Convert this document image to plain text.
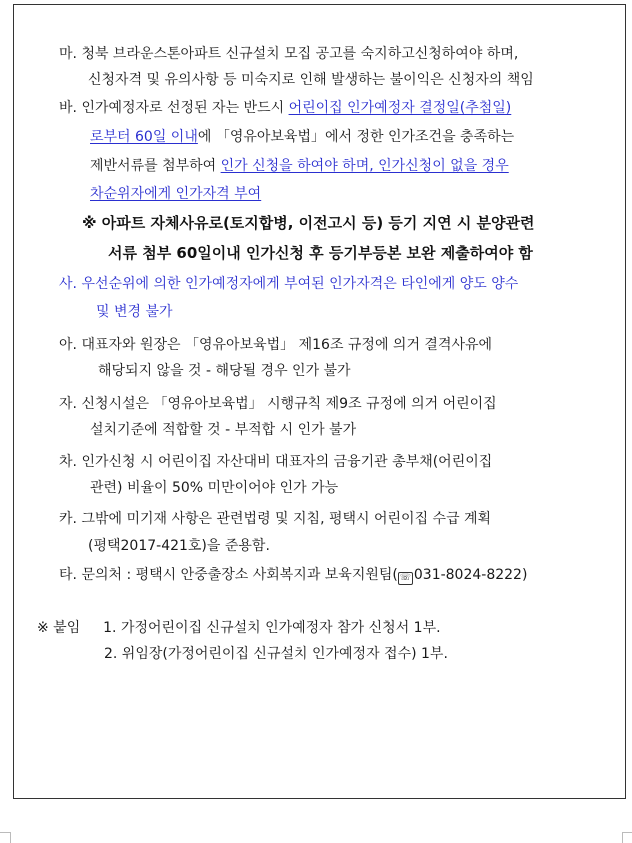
마. 청북 브라운스톤아파트 신규설치 모집 공고를 숙지하고신청하여야 하며,
신청자격 및 유의사항 등 미숙지로 인해 발생하는 불이익은 신청자의 책임
바. 인가예정자로 선정된 자는 반드시 어린이집 인가예정자 결정일(추첨일)
로부터 60일 이내에 「영유아보육법」에서 정한 인가조건을 충족하는
제반서류를 첨부하여 인가 신청을 하여야 하며, 인가신청이 없을 경우
차순위자에게 인가자격 부여
※ 아파트 자체사유로(토지합병, 이전고시 등) 등기 지연 시 분양관련
서류 첨부 60일이내 인가신청 후 등기부등본 보완 제출하여야 함
사. 우선순위에 의한 인가예정자에게 부여된 인가자격은 타인에게 양도 양수
및 변경 불가
아. 대표자와 원장은 「영유아보육법」 제16조 규정에 의거 결격사유에
해당되지 않을 것 - 해당될 경우 인가 불가
자. 신청시설은 「영유아보육법」 시행규칙 제9조 규정에 의거 어린이집
설치기준에 적합할 것 - 부적합 시 인가 불가
차. 인가신청 시 어린이집 자산대비 대표자의 금융기관 총부채(어린이집
관련) 비율이 50% 미만이어야 인가 가능
카. 그밖에 미기재 사항은 관련법령 및 지침, 평택시 어린이집 수급 계획
(평택2017-421호)을 준용함.
타. 문의처 : 평택시 안중출장소 사회복지과 보육지원팀( ☏ 031-8024-8222)
※ 붙임 1. 가정어린이집 신규설치 인가예정자 참가 신청서 1부.
2. 위임장(가정어린이집 신규설치 인가예정자 접수) 1부.
